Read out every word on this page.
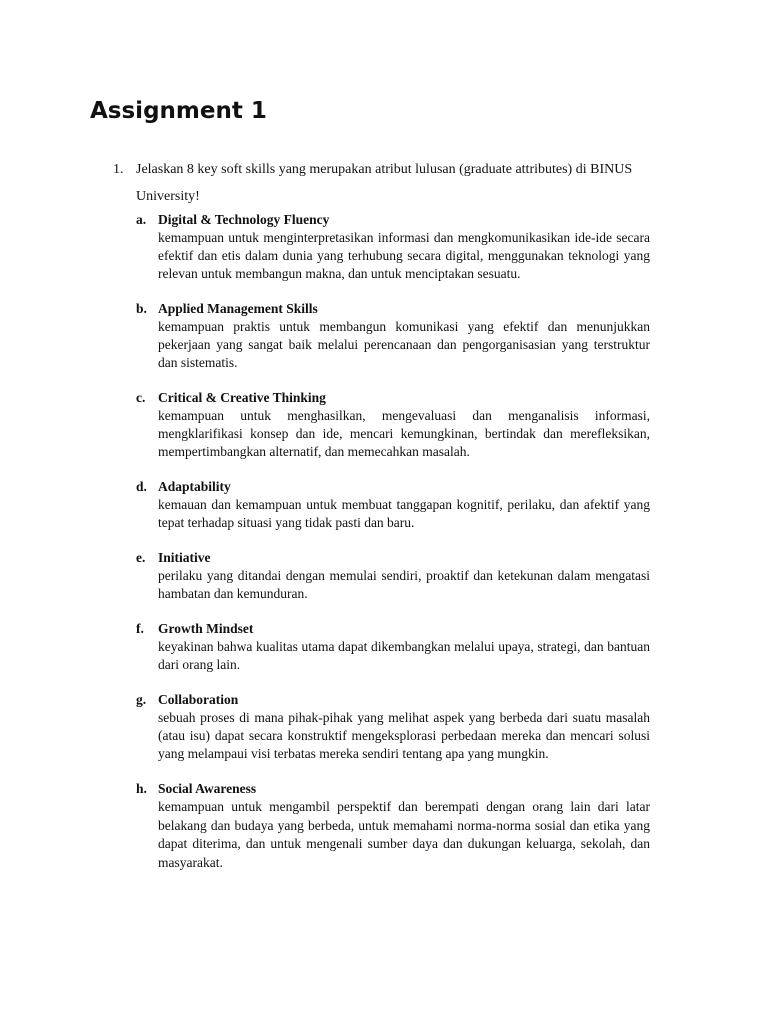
Assignment 1
1. Jelaskan 8 key soft skills yang merupakan atribut lulusan (graduate attributes) di BINUS University!
a. Digital & Technology Fluency
kemampuan untuk menginterpretasikan informasi dan mengkomunikasikan ide-ide secara efektif dan etis dalam dunia yang terhubung secara digital, menggunakan teknologi yang relevan untuk membangun makna, dan untuk menciptakan sesuatu.
b. Applied Management Skills
kemampuan praktis untuk membangun komunikasi yang efektif dan menunjukkan pekerjaan yang sangat baik melalui perencanaan dan pengorganisasian yang terstruktur dan sistematis.
c. Critical & Creative Thinking
kemampuan untuk menghasilkan, mengevaluasi dan menganalisis informasi, mengklarifikasi konsep dan ide, mencari kemungkinan, bertindak dan merefleksikan, mempertimbangkan alternatif, dan memecahkan masalah.
d. Adaptability
kemauan dan kemampuan untuk membuat tanggapan kognitif, perilaku, dan afektif yang tepat terhadap situasi yang tidak pasti dan baru.
e. Initiative
perilaku yang ditandai dengan memulai sendiri, proaktif dan ketekunan dalam mengatasi hambatan dan kemunduran.
f. Growth Mindset
keyakinan bahwa kualitas utama dapat dikembangkan melalui upaya, strategi, dan bantuan dari orang lain.
g. Collaboration
sebuah proses di mana pihak-pihak yang melihat aspek yang berbeda dari suatu masalah (atau isu) dapat secara konstruktif mengeksplorasi perbedaan mereka dan mencari solusi yang melampaui visi terbatas mereka sendiri tentang apa yang mungkin.
h. Social Awareness
kemampuan untuk mengambil perspektif dan berempati dengan orang lain dari latar belakang dan budaya yang berbeda, untuk memahami norma-norma sosial dan etika yang dapat diterima, dan untuk mengenali sumber daya dan dukungan keluarga, sekolah, dan masyarakat.
